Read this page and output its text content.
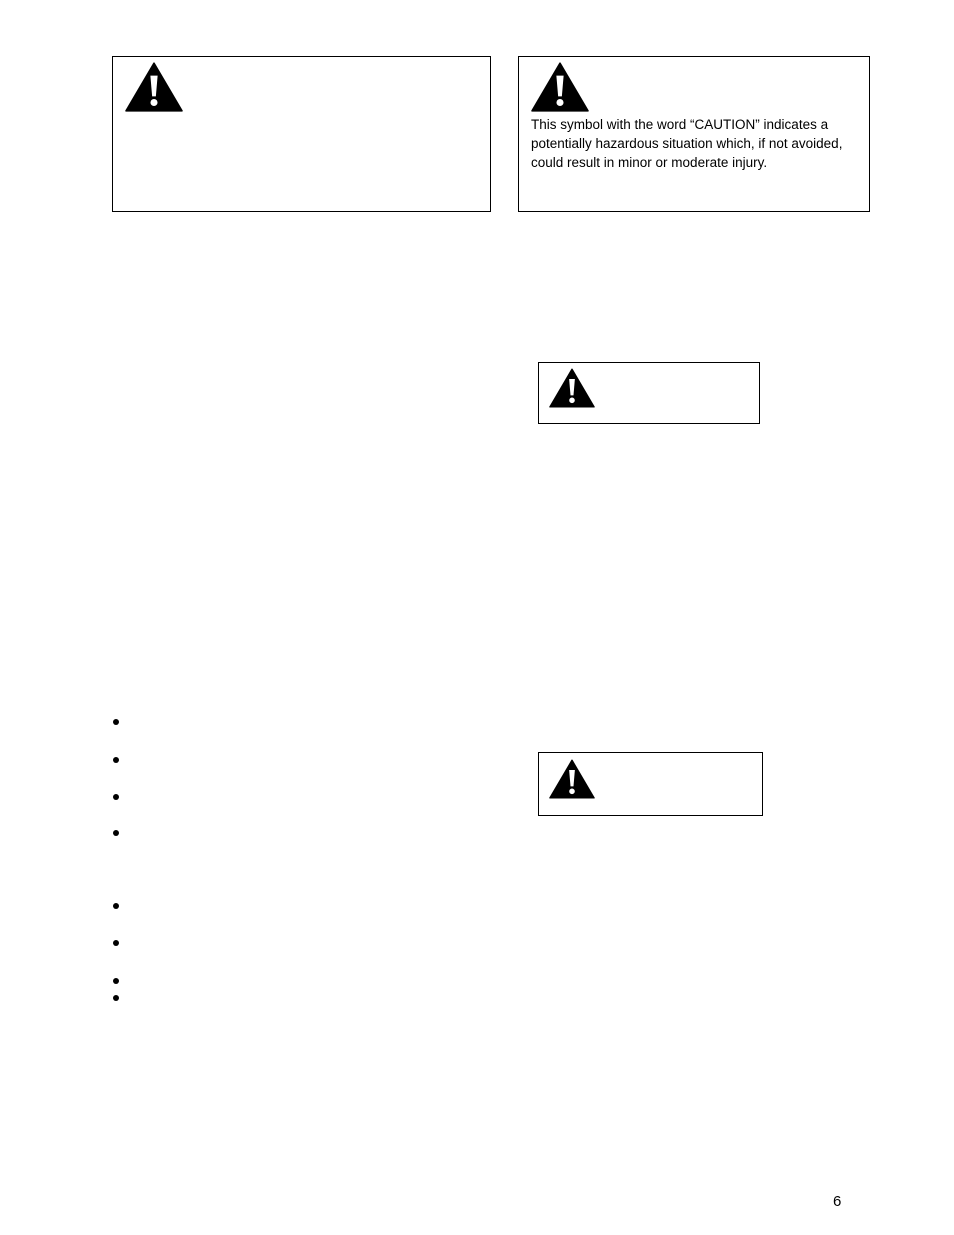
This symbol with the word “CAUTION” indicates a potentially hazardous situation which, if not avoided, could result in minor or moderate injury.

6
